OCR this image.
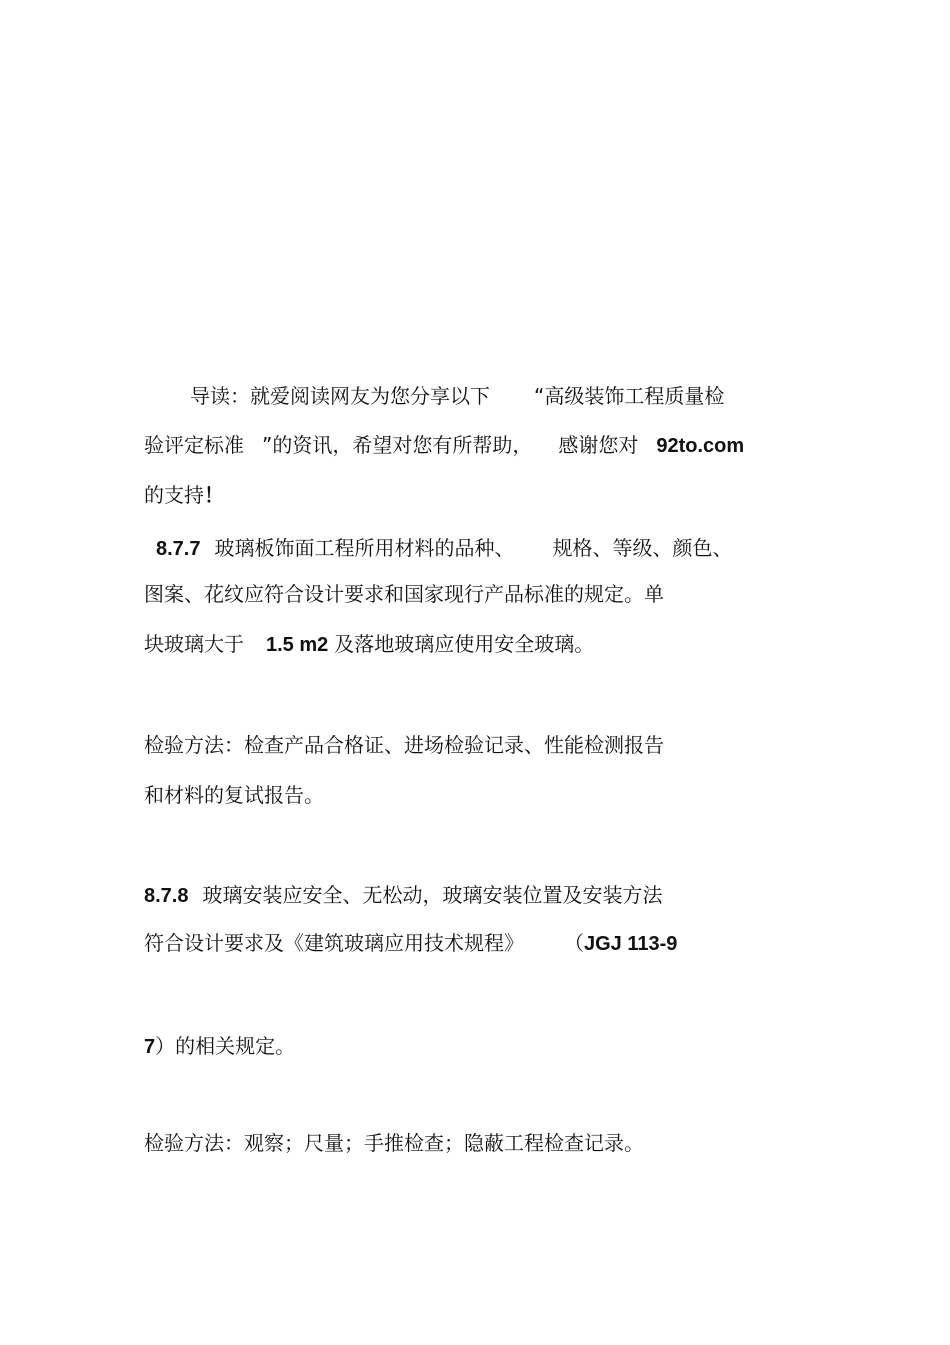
导读：就爱阅读网友为您分享以下 “高级装饰工程质量检
验评定标准 ”的资讯，希望对您有所帮助， 感谢您对 92to.com
的支持！
8.7.7 玻璃板饰面工程所用材料的品种、 规格、等级、颜色、
图案、花纹应符合设计要求和国家现行产品标准的规定。单
块玻璃大于 1.5 m2 及落地玻璃应使用安全玻璃。
检验方法：检查产品合格证、进场检验记录、性能检测报告
和材料的复试报告。
8.7.8 玻璃安装应安全、无松动，玻璃安装位置及安装方法
符合设计要求及《建筑玻璃应用技术规程》 （JGJ 113-9
7）的相关规定。
检验方法：观察；尺量；手推检查；隐蔽工程检查记录。
